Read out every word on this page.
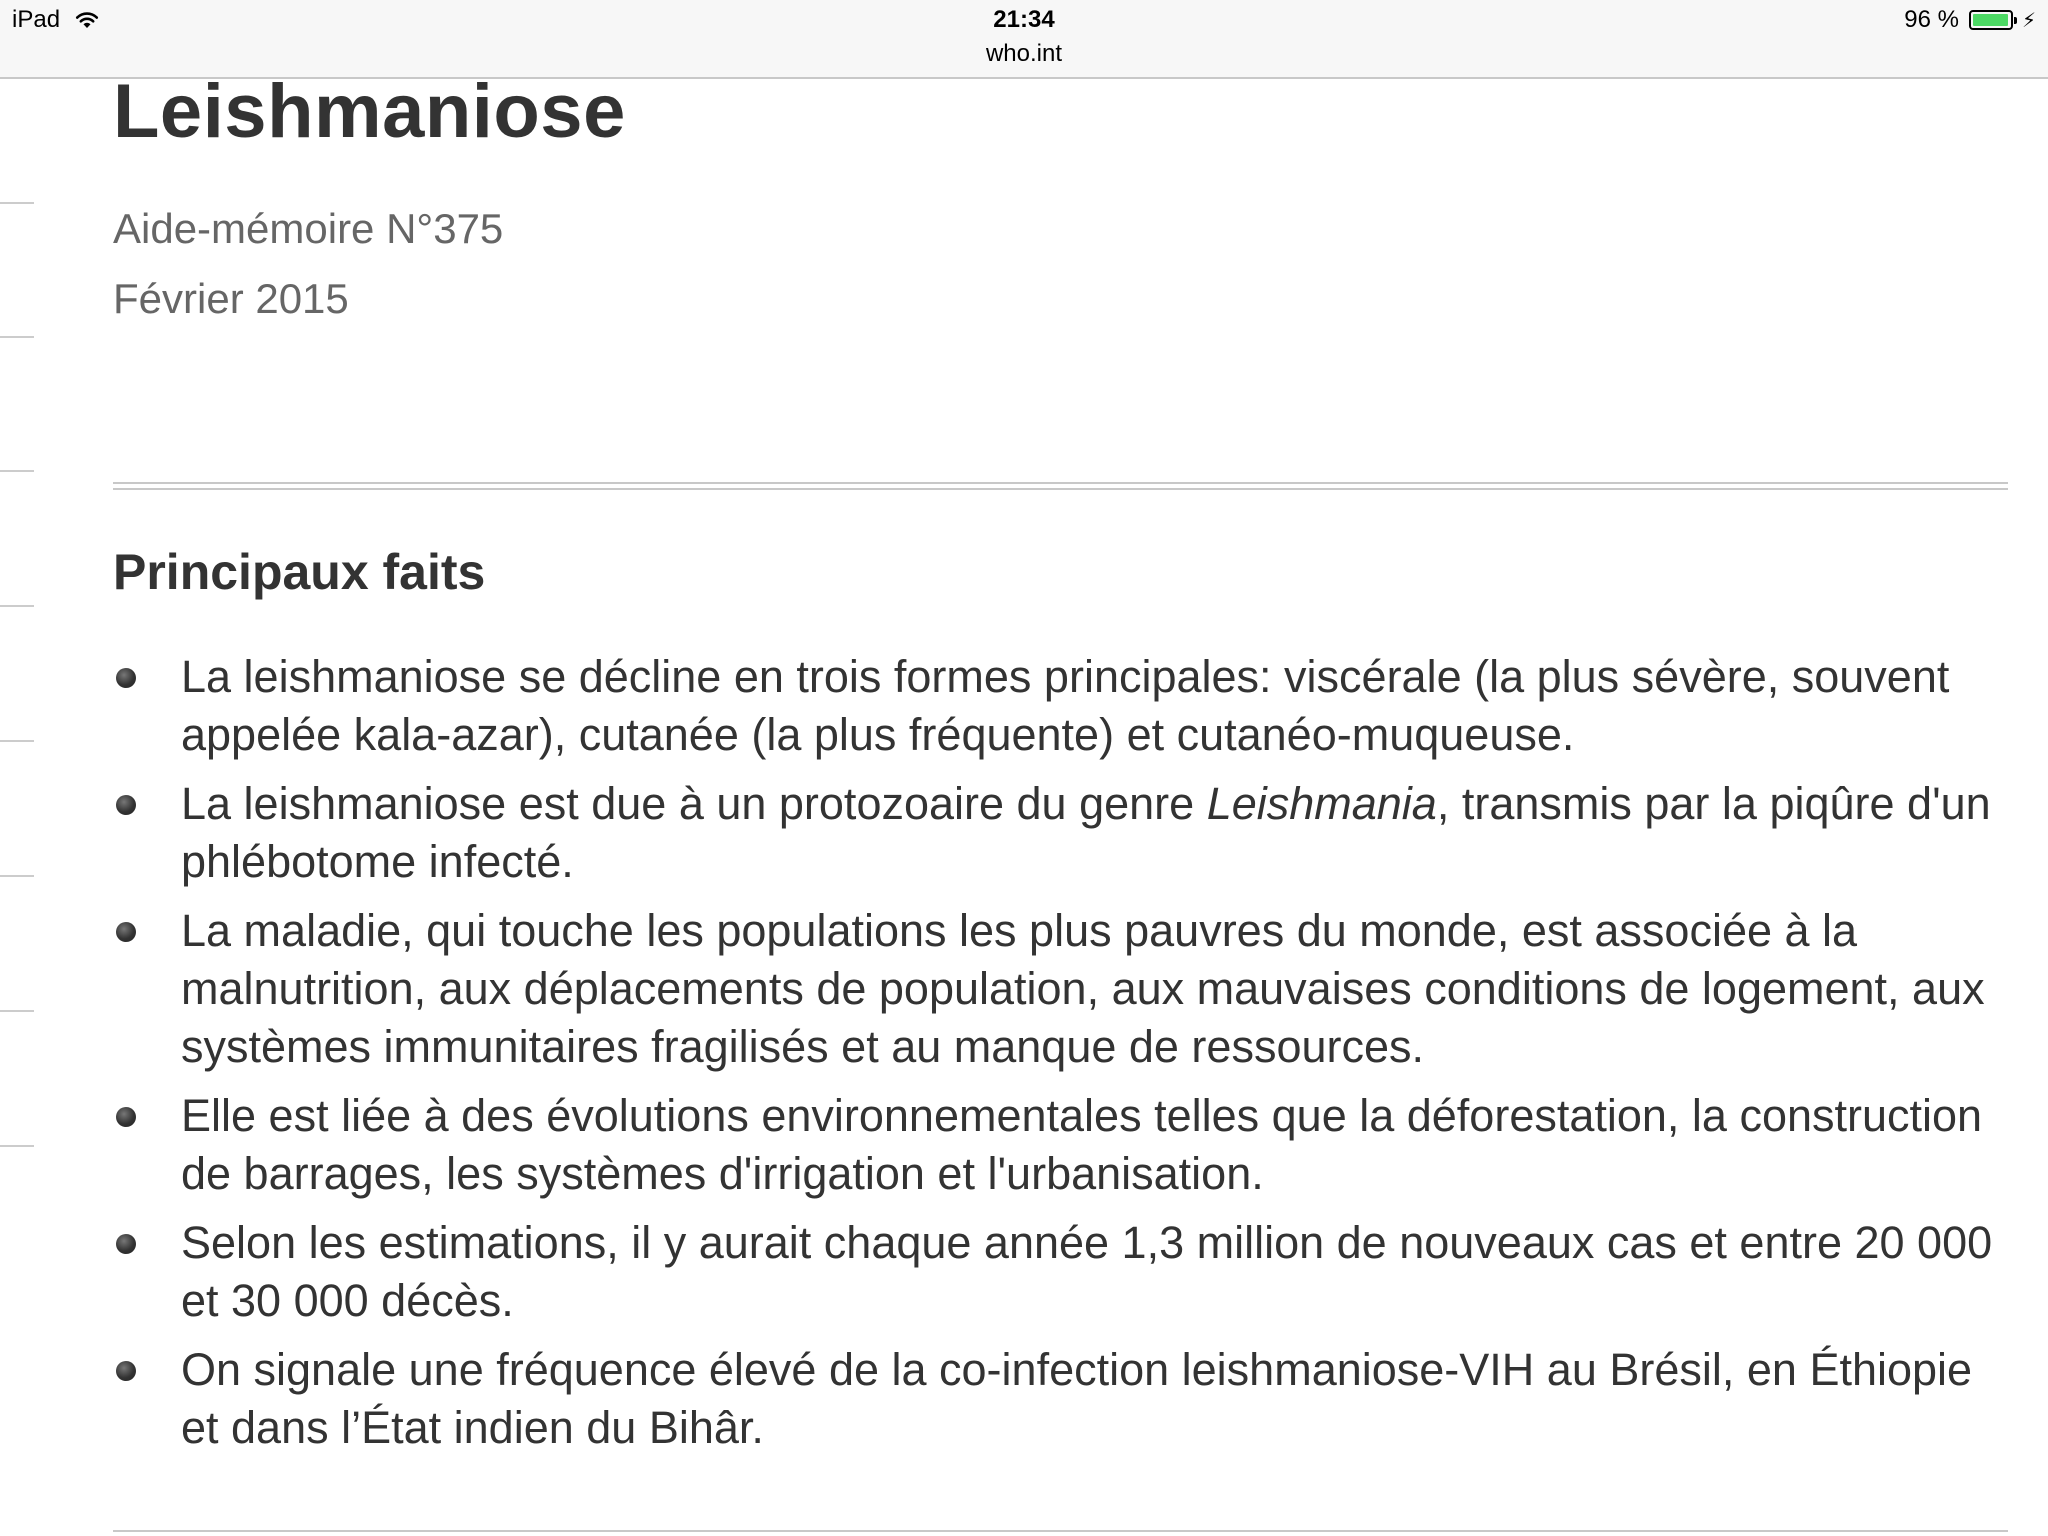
iPad	21:34
who.int
96 %	⚡
Leishmaniose

Aide-mémoire N°375

Février 2015

Principaux faits
La leishmaniose se décline en trois formes principales: viscérale (la plus sévère, souvent appelée kala-azar), cutanée (la plus fréquente) et cutanéo-muqueuse.
La leishmaniose est due à un protozoaire du genre Leishmania, transmis par la piqûre d'un phlébotome infecté.
La maladie, qui touche les populations les plus pauvres du monde, est associée à la malnutrition, aux déplacements de population, aux mauvaises conditions de logement, aux systèmes immunitaires fragilisés et au manque de ressources.
Elle est liée à des évolutions environnementales telles que la déforestation, la construction de barrages, les systèmes d'irrigation et l'urbanisation.
Selon les estimations, il y aurait chaque année 1,3 million de nouveaux cas et entre 20 000 et 30 000 décès.
On signale une fréquence élevé de la co-infection leishmaniose-VIH au Brésil, en Éthiopie et dans l’État indien du Bihâr.
